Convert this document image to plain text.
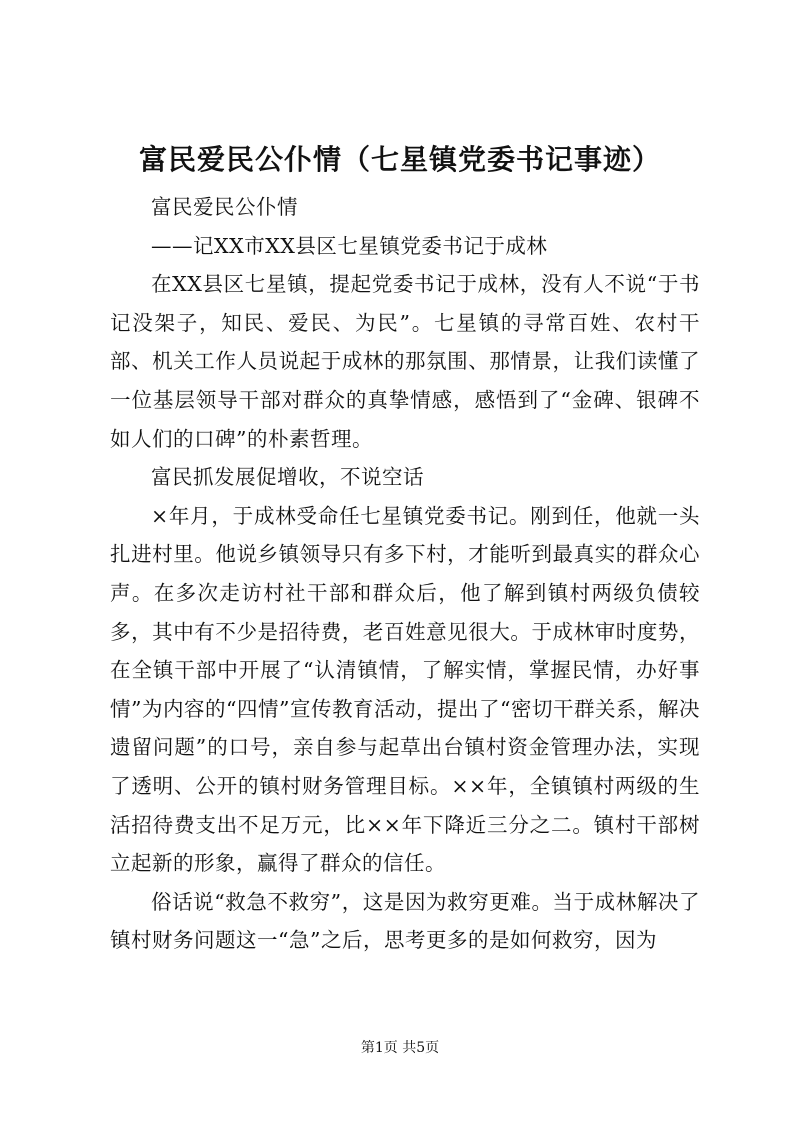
富民爱民公仆情（七星镇党委书记事迹）

富民爱民公仆情

——记XX市XX县区七星镇党委书记于成林

在XX县区七星镇，提起党委书记于成林，没有人不说“于书记没架子，知民、爱民、为民”。七星镇的寻常百姓、农村干部、机关工作人员说起于成林的那氛围、那情景，让我们读懂了一位基层领导干部对群众的真挚情感，感悟到了“金碑、银碑不如人们的口碑”的朴素哲理。

富民抓发展促增收，不说空话

×年月，于成林受命任七星镇党委书记。刚到任，他就一头扎进村里。他说乡镇领导只有多下村，才能听到最真实的群众心声。在多次走访村社干部和群众后，他了解到镇村两级负债较多，其中有不少是招待费，老百姓意见很大。于成林审时度势，在全镇干部中开展了“认清镇情，了解实情，掌握民情，办好事情”为内容的“四情”宣传教育活动，提出了“密切干群关系，解决遗留问题”的口号，亲自参与起草出台镇村资金管理办法，实现了透明、公开的镇村财务管理目标。××年，全镇镇村两级的生活招待费支出不足万元，比××年下降近三分之二。镇村干部树立起新的形象，赢得了群众的信任。

俗话说“救急不救穷”，这是因为救穷更难。当于成林解决了镇村财务问题这一“急”之后，思考更多的是如何救穷，因为

第1页 共5页
